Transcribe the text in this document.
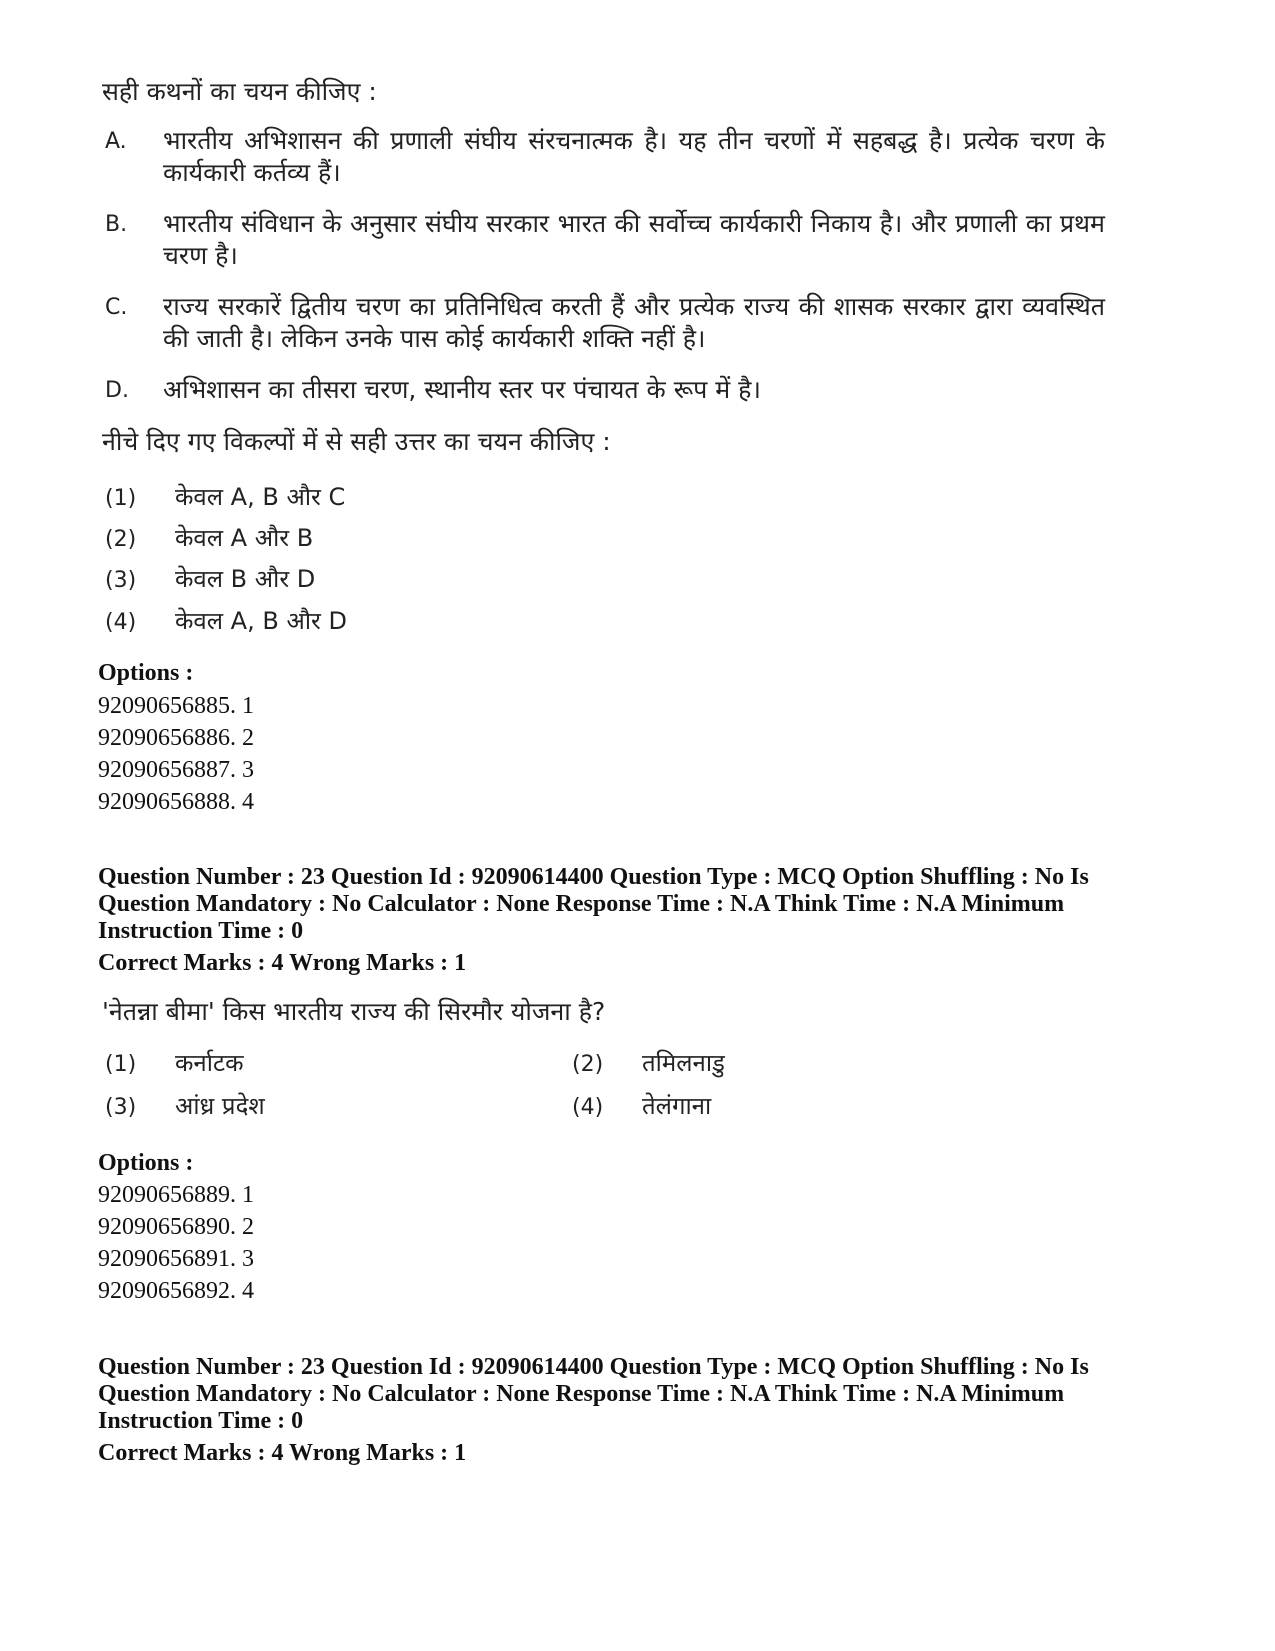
सही कथनों का चयन कीजिए :

A. भारतीय अभिशासन की प्रणाली संघीय संरचनात्मक है। यह तीन चरणों में सहबद्ध है। प्रत्येक चरण के कार्यकारी कर्तव्य हैं।
B. भारतीय संविधान के अनुसार संघीय सरकार भारत की सर्वोच्च कार्यकारी निकाय है। और प्रणाली का प्रथम चरण है।
C. राज्य सरकारें द्वितीय चरण का प्रतिनिधित्व करती हैं और प्रत्येक राज्य की शासक सरकार द्वारा व्यवस्थित की जाती है। लेकिन उनके पास कोई कार्यकारी शक्ति नहीं है।
D. अभिशासन का तीसरा चरण, स्थानीय स्तर पर पंचायत के रूप में है।

नीचे दिए गए विकल्पों में से सही उत्तर का चयन कीजिए :

(1) केवल A, B और C
(2) केवल A और B
(3) केवल B और D
(4) केवल A, B और D

Options :

92090656885. 1

92090656886. 2

92090656887. 3

92090656888. 4

Question Number : 23 Question Id : 92090614400 Question Type : MCQ Option Shuffling : No Is Question Mandatory : No Calculator : None Response Time : N.A Think Time : N.A Minimum Instruction Time : 0

Correct Marks : 4 Wrong Marks : 1

'नेतन्ना बीमा' किस भारतीय राज्य की सिरमौर योजना है?

(1) कर्नाटक	(2) तमिलनाडु
(3) आंध्र प्रदेश	(4) तेलंगाना

Options :

92090656889. 1

92090656890. 2

92090656891. 3

92090656892. 4

Question Number : 23 Question Id : 92090614400 Question Type : MCQ Option Shuffling : No Is Question Mandatory : No Calculator : None Response Time : N.A Think Time : N.A Minimum Instruction Time : 0

Correct Marks : 4 Wrong Marks : 1
